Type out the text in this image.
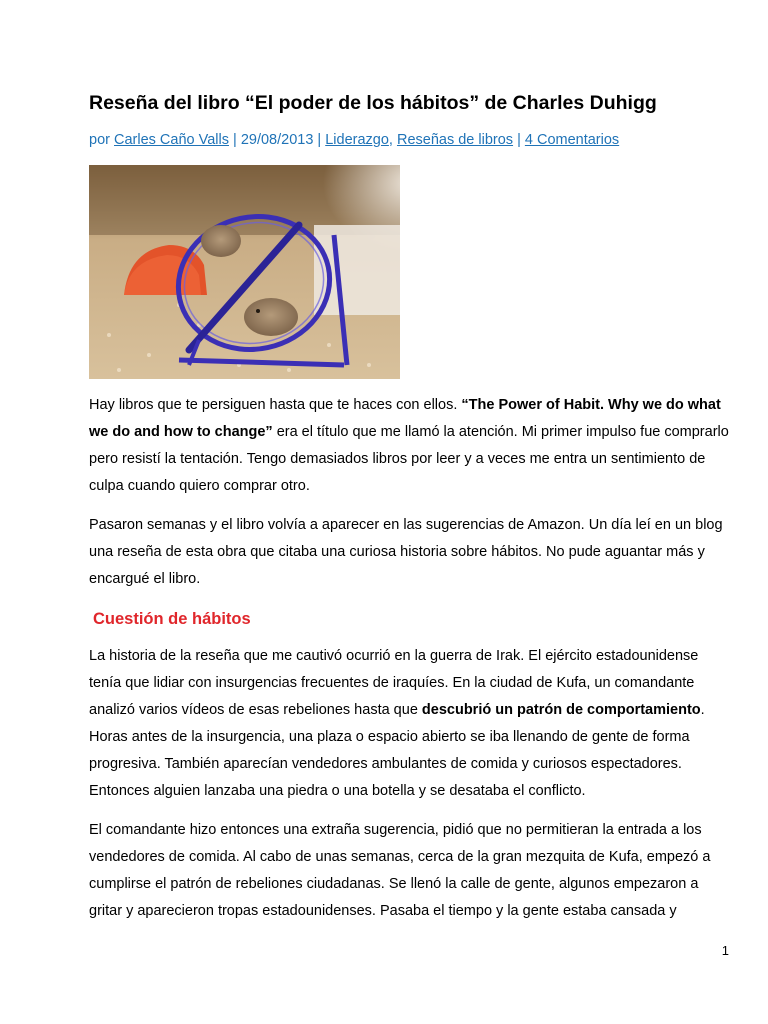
Reseña del libro “El poder de los hábitos” de Charles Duhigg
por Carles Caño Valls | 29/08/2013 | Liderazgo, Reseñas de libros | 4 Comentarios

Hay libros que te persiguen hasta que te haces con ellos. “The Power of Habit. Why we do what we do and how to change” era el título que me llamó la atención. Mi primer impulso fue comprarlo pero resistí la tentación. Tengo demasiados libros por leer y a veces me entra un sentimiento de culpa cuando quiero comprar otro.

Pasaron semanas y el libro volvía a aparecer en las sugerencias de Amazon. Un día leí en un blog una reseña de esta obra que citaba una curiosa historia sobre hábitos. No pude aguantar más y encargué el libro.

Cuestión de hábitos

La historia de la reseña que me cautivó ocurrió en la guerra de Irak. El ejército estadounidense tenía que lidiar con insurgencias frecuentes de iraquíes. En la ciudad de Kufa, un comandante analizó varios vídeos de esas rebeliones hasta que descubrió un patrón de comportamiento. Horas antes de la insurgencia, una plaza o espacio abierto se iba llenando de gente de forma progresiva. También aparecían vendedores ambulantes de comida y curiosos espectadores. Entonces alguien lanzaba una piedra o una botella y se desataba el conflicto.

El comandante hizo entonces una extraña sugerencia, pidió que no permitieran la entrada a los vendedores de comida. Al cabo de unas semanas, cerca de la gran mezquita de Kufa, empezó a cumplirse el patrón de rebeliones ciudadanas. Se llenó la calle de gente, algunos empezaron a gritar y aparecieron tropas estadounidenses. Pasaba el tiempo y la gente estaba cansada y

1
